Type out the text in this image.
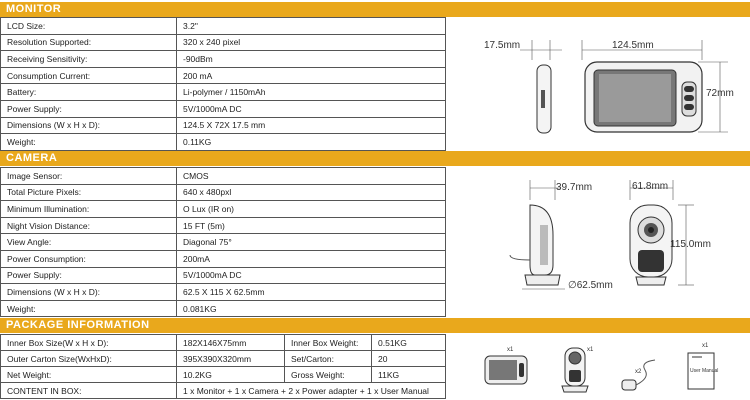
MONITOR
LCD Size:	3.2"
Resolution Supported:	320 x 240 pixel
Receiving Sensitivity:	-90dBm
Consumption Current:	200 mA
Battery:	Li-polymer / 1150mAh
Power Supply:	5V/1000mA DC
Dimensions (W x H x D):	124.5 X 72X 17.5 mm
Weight:	0.11KG
CAMERA
Image Sensor:	CMOS
Total Picture Pixels:	640 x 480pxl
Minimum Illumination:	O Lux (IR on)
Night Vision Distance:	15 FT (5m)
View Angle:	Diagonal 75°
Power Consumption:	200mA
Power Supply:	5V/1000mA DC
Dimensions (W x H x D):	62.5 X 115 X 62.5mm
Weight:	0.081KG
PACKAGE INFORMATION
Inner Box Size(W x H x D):	182X146X75mm	Inner Box Weight:	0.51KG
Outer Carton Size(WxHxD):	395X390X320mm	Set/Carton:	20
Net Weight:	10.2KG	Gross Weight:	11KG
CONTENT IN BOX:	1 x Monitor + 1 x Camera + 2 x Power adapter + 1 x User Manual		
17.5mm	124.5mm
72mm
39.7mm	61.8mm
115.0mm
∅62.5mm
x1	x1
x2
x1
User Manual
